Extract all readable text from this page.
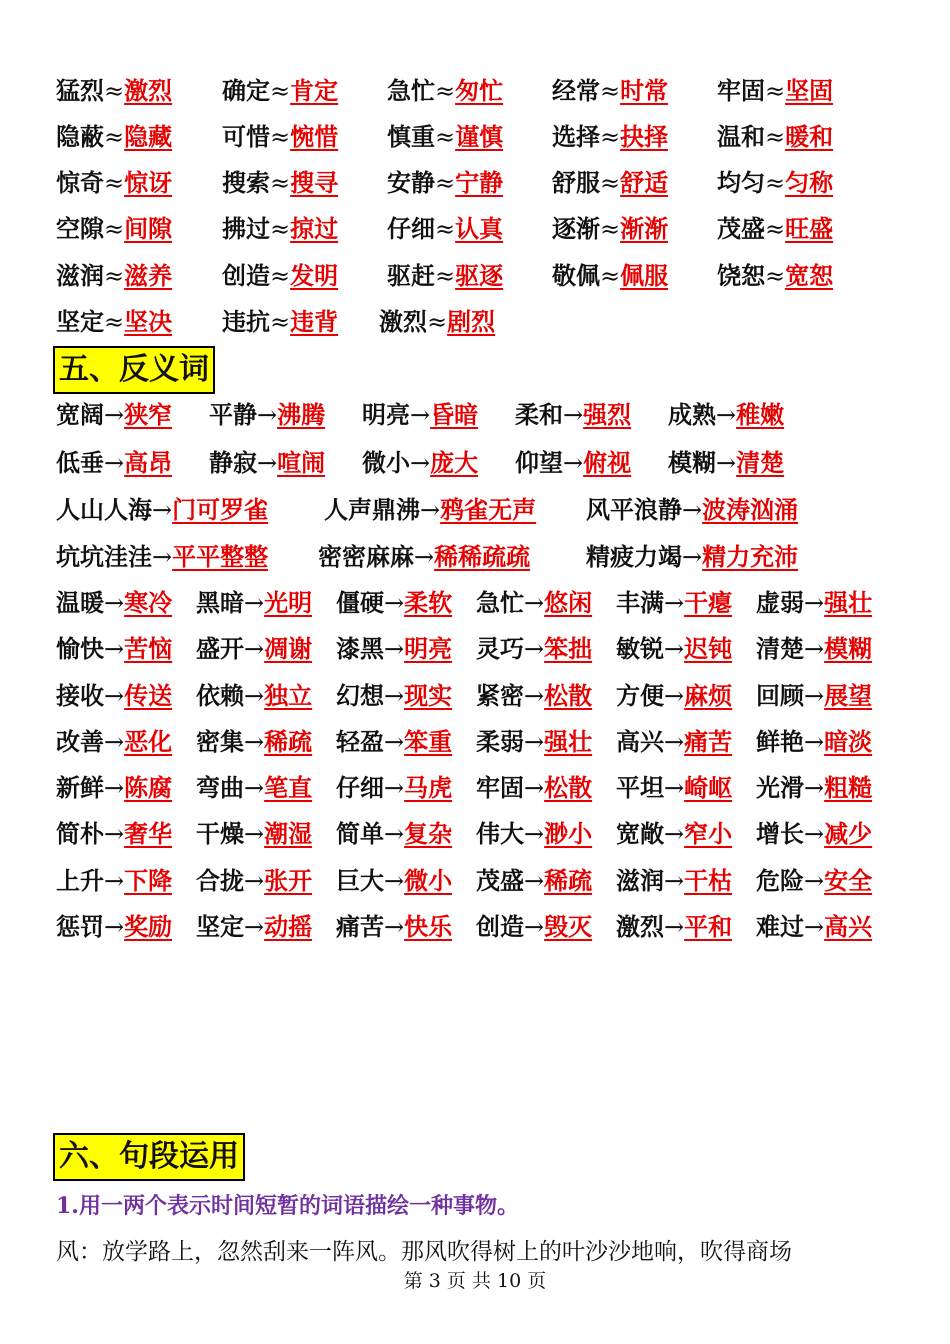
猛烈≈激烈 确定≈肯定 急忙≈匆忙 经常≈时常 牢固≈坚固
隐蔽≈隐藏 可惜≈惋惜 慎重≈谨慎 选择≈抉择 温和≈暖和
惊奇≈惊讶 搜索≈搜寻 安静≈宁静 舒服≈舒适 均匀≈匀称
空隙≈间隙 拂过≈掠过 仔细≈认真 逐渐≈渐渐 茂盛≈旺盛
滋润≈滋养 创造≈发明 驱赶≈驱逐 敬佩≈佩服 饶恕≈宽恕
坚定≈坚决 违抗≈违背 激烈≈剧烈
五、反义词
宽阔→狭窄 平静→沸腾 明亮→昏暗 柔和→强烈 成熟→稚嫩
低垂→高昂 静寂→喧闹 微小→庞大 仰望→俯视 模糊→清楚
人山人海→门可罗雀 人声鼎沸→鸦雀无声 风平浪静→波涛汹涌
坑坑洼洼→平平整整 密密麻麻→稀稀疏疏 精疲力竭→精力充沛
温暖→寒冷 黑暗→光明 僵硬→柔软 急忙→悠闲 丰满→干瘪 虚弱→强壮
愉快→苦恼 盛开→凋谢 漆黑→明亮 灵巧→笨拙 敏锐→迟钝 清楚→模糊
接收→传送 依赖→独立 幻想→现实 紧密→松散 方便→麻烦 回顾→展望
改善→恶化 密集→稀疏 轻盈→笨重 柔弱→强壮 高兴→痛苦 鲜艳→暗淡
新鲜→陈腐 弯曲→笔直 仔细→马虎 牢固→松散 平坦→崎岖 光滑→粗糙
简朴→奢华 干燥→潮湿 简单→复杂 伟大→渺小 宽敞→窄小 增长→减少
上升→下降 合拢→张开 巨大→微小 茂盛→稀疏 滋润→干枯 危险→安全
惩罚→奖励 坚定→动摇 痛苦→快乐 创造→毁灭 激烈→平和 难过→高兴
六、句段运用
1.用一两个表示时间短暂的词语描绘一种事物。
风：放学路上，忽然刮来一阵风。那风吹得树上的叶沙沙地响，吹得商场
第 3 页 共 10 页
